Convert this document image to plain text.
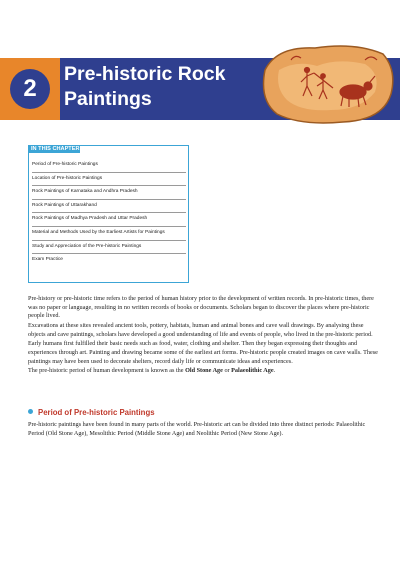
2
Pre-historic Rock Paintings
IN THIS CHAPTER
Period of Pre-historic Paintings
Location of Pre-historic Paintings
Rock Paintings of Karnataka and Andhra Pradesh
Rock Paintings of Uttarakhand
Rock Paintings of Madhya Pradesh and Uttar Pradesh
Material and Methods Used by the Earliest Artists for Paintings
Study and Appreciation of the Pre-historic Paintings
Exam Practice

Pre-history or pre-historic time refers to the period of human history prior to the development of written records. In pre-historic times, there was no paper or language, resulting in no written records of books or documents. Scholars began to discover the places where pre-historic people lived.

Excavations at these sites revealed ancient tools, pottery, habitats, human and animal bones and cave wall drawings. By analysing these objects and cave paintings, scholars have developed a good understanding of life and events of people, who lived in the pre-historic period.

Early humans first fulfilled their basic needs such as food, water, clothing and shelter. Then they began expressing their thoughts and experiences through art. Painting and drawing became some of the earliest art forms. Pre-historic people created images on cave walls. These paintings may have been used to decorate shelters, record daily life or communicate ideas and experiences.

The pre-historic period of human development is known as the Old Stone Age or Palaeolithic Age.

Period of Pre-historic Paintings

Pre-historic paintings have been found in many parts of the world. Pre-historic art can be divided into three distinct periods: Palaeolithic Period (Old Stone Age), Mesolithic Period (Middle Stone Age) and Neolithic Period (New Stone Age).
